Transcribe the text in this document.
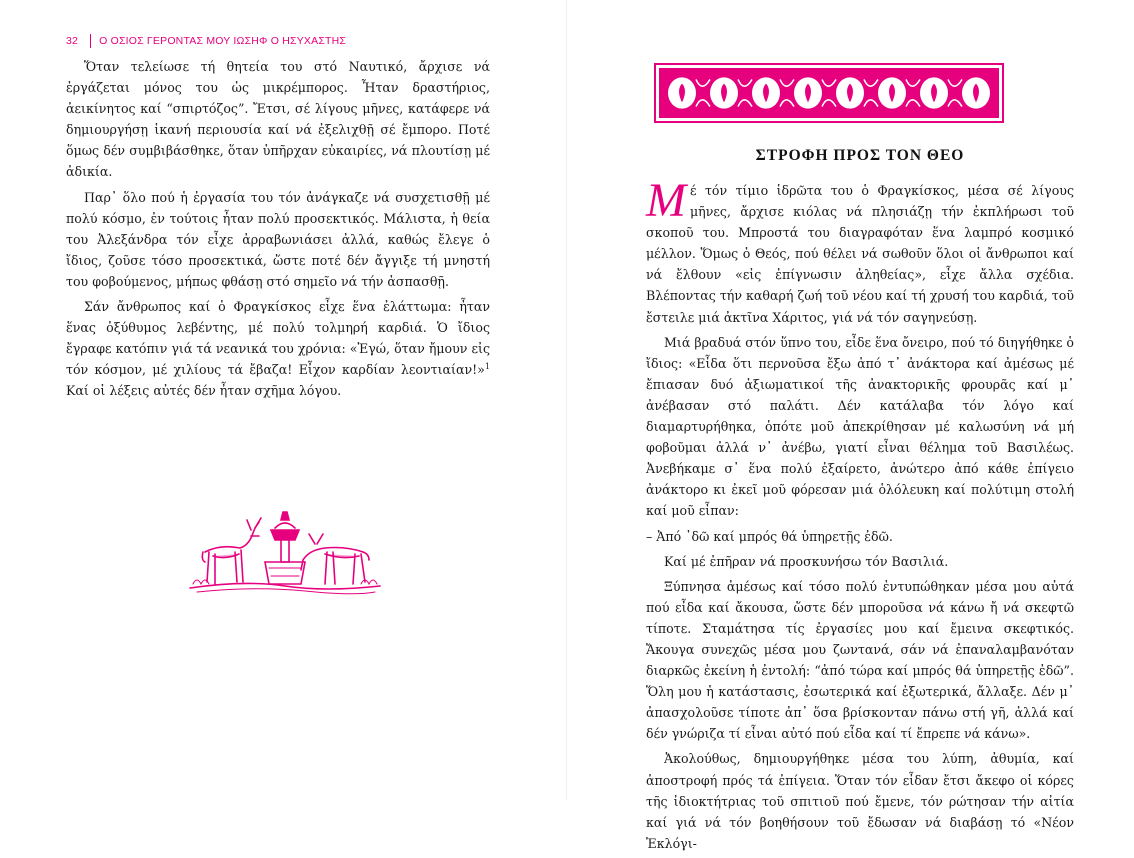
32 Ο ΟΣΙΟΣ ΓΕΡΟΝΤΑΣ ΜΟΥ ΙΩΣΗΦ Ο ΗΣΥΧΑΣΤΗΣ

Ὅταν τελείωσε τή θητεία του στό Ναυτικό, ἄρχισε νά ἐργάζεται μόνος του ὡς μικρέμπορος. Ἦταν δραστήριος, ἀεικίνητος καί “σπιρτόζος”. Ἔτσι, σέ λίγους μῆνες, κατάφερε νά δημιουργήσῃ ἱκανή περιουσία καί νά ἐξελιχθῇ σέ ἔμπορο. Ποτέ ὅμως δέν συμβιβάσθηκε, ὅταν ὑπῆρχαν εὐκαιρίες, νά πλουτίσῃ μέ ἀδικία.

Παρ᾽ ὅλο πού ἡ ἐργασία του τόν ἀνάγκαζε νά συσχετισθῇ μέ πολύ κόσμο, ἐν τούτοις ἦταν πολύ προσεκτικός. Μάλιστα, ἡ θεία του Ἀλεξάνδρα τόν εἶχε ἀρραβωνιάσει ἀλλά, καθώς ἔλεγε ὁ ἴδιος, ζοῦσε τόσο προσεκτικά, ὥστε ποτέ δέν ἄγγιξε τή μνηστή του φοβούμενος, μήπως φθάσῃ στό σημεῖο νά τήν ἀσπασθῇ.

Σάν ἄνθρωπος καί ὁ Φραγκίσκος εἶχε ἕνα ἐλάττωμα: ἦταν ἕνας ὀξύθυμος λεβέντης, μέ πολύ τολμηρή καρδιά. Ὁ ἴδιος ἔγραφε κατόπιν γιά τά νεανικά του χρόνια: «Ἐγώ, ὅταν ἤμουν εἰς τόν κόσμον, μέ χιλίους τά ἔβαζα! Εἶχον καρδίαν λεοντιαίαν!»$^1$ Καί οἱ λέξεις αὐτές δέν ἦταν σχῆμα λόγου.

ΣΤΡΟΦΗ ΠΡΟΣ ΤΟΝ ΘΕΟ

Μέ τόν τίμιο ἱδρῶτα του ὁ Φραγκίσκος, μέσα σέ λίγους μῆνες, ἄρχισε κιόλας νά πλησιάζῃ τήν ἐκπλήρωσι τοῦ σκοποῦ του. Μπροστά του διαγραφόταν ἕνα λαμπρό κοσμικό μέλλον. Ὅμως ὁ Θεός, πού θέλει νά σωθοῦν ὅλοι οἱ ἄνθρωποι καί νά ἔλθουν «εἰς ἐπίγνωσιν ἀληθείας», εἶχε ἄλλα σχέδια. Βλέποντας τήν καθαρή ζωή τοῦ νέου καί τή χρυσή του καρδιά, τοῦ ἔστειλε μιά ἀκτῖνα Χάριτος, γιά νά τόν σαγηνεύσῃ.

Μιά βραδυά στόν ὕπνο του, εἶδε ἕνα ὄνειρο, πού τό διηγήθηκε ὁ ἴδιος: «Εἶδα ὅτι περνοῦσα ἔξω ἀπό τ᾽ ἀνάκτορα καί ἀμέσως μέ ἔπιασαν δυό ἀξιωματικοί τῆς ἀνακτορικῆς φρουρᾶς καί μ᾽ ἀνέβασαν στό παλάτι. Δέν κατάλαβα τόν λόγο καί διαμαρτυρήθηκα, ὁπότε μοῦ ἀπεκρίθησαν μέ καλωσύνη νά μή φοβοῦμαι ἀλλά ν᾽ ἀνέβω, γιατί εἶναι θέλημα τοῦ Βασιλέως. Ἀνεβήκαμε σ᾽ ἕνα πολύ ἐξαίρετο, ἀνώτερο ἀπό κάθε ἐπίγειο ἀνάκτορο κι ἐκεῖ μοῦ φόρεσαν μιά ὁλόλευκη καί πολύτιμη στολή καί μοῦ εἶπαν:

– Ἀπό ᾽δῶ καί μπρός θά ὑπηρετῇς ἐδῶ.

Καί μέ ἐπῆραν νά προσκυνήσω τόν Βασιλιά.

Ξύπνησα ἀμέσως καί τόσο πολύ ἐντυπώθηκαν μέσα μου αὐτά πού εἶδα καί ἄκουσα, ὥστε δέν μποροῦσα νά κάνω ἤ νά σκεφτῶ τίποτε. Σταμάτησα τίς ἐργασίες μου καί ἔμεινα σκεφτικός. Ἄκουγα συνεχῶς μέσα μου ζωντανά, σάν νά ἐπαναλαμβανόταν διαρκῶς ἐκείνη ἡ ἐντολή: “ἀπό τώρα καί μπρός θά ὑπηρετῇς ἐδῶ”. Ὅλη μου ἡ κατάστασις, ἐσωτερικά καί ἐξωτερικά, ἄλλαξε. Δέν μ᾽ ἀπασχολοῦσε τίποτε ἀπ᾽ ὅσα βρίσκονταν πάνω στή γῆ, ἀλλά καί δέν γνώριζα τί εἶναι αὐτό πού εἶδα καί τί ἔπρεπε νά κάνω».

Ἀκολούθως, δημιουργήθηκε μέσα του λύπη, ἀθυμία, καί ἀποστροφή πρός τά ἐπίγεια. Ὅταν τόν εἶδαν ἔτσι ἄκεφο οἱ κόρες τῆς ἰδιοκτήτριας τοῦ σπιτιοῦ πού ἔμενε, τόν ρώτησαν τήν αἰτία καί γιά νά τόν βοηθήσουν τοῦ ἔδωσαν νά διαβάσῃ τό «Νέον Ἐκλόγι-
